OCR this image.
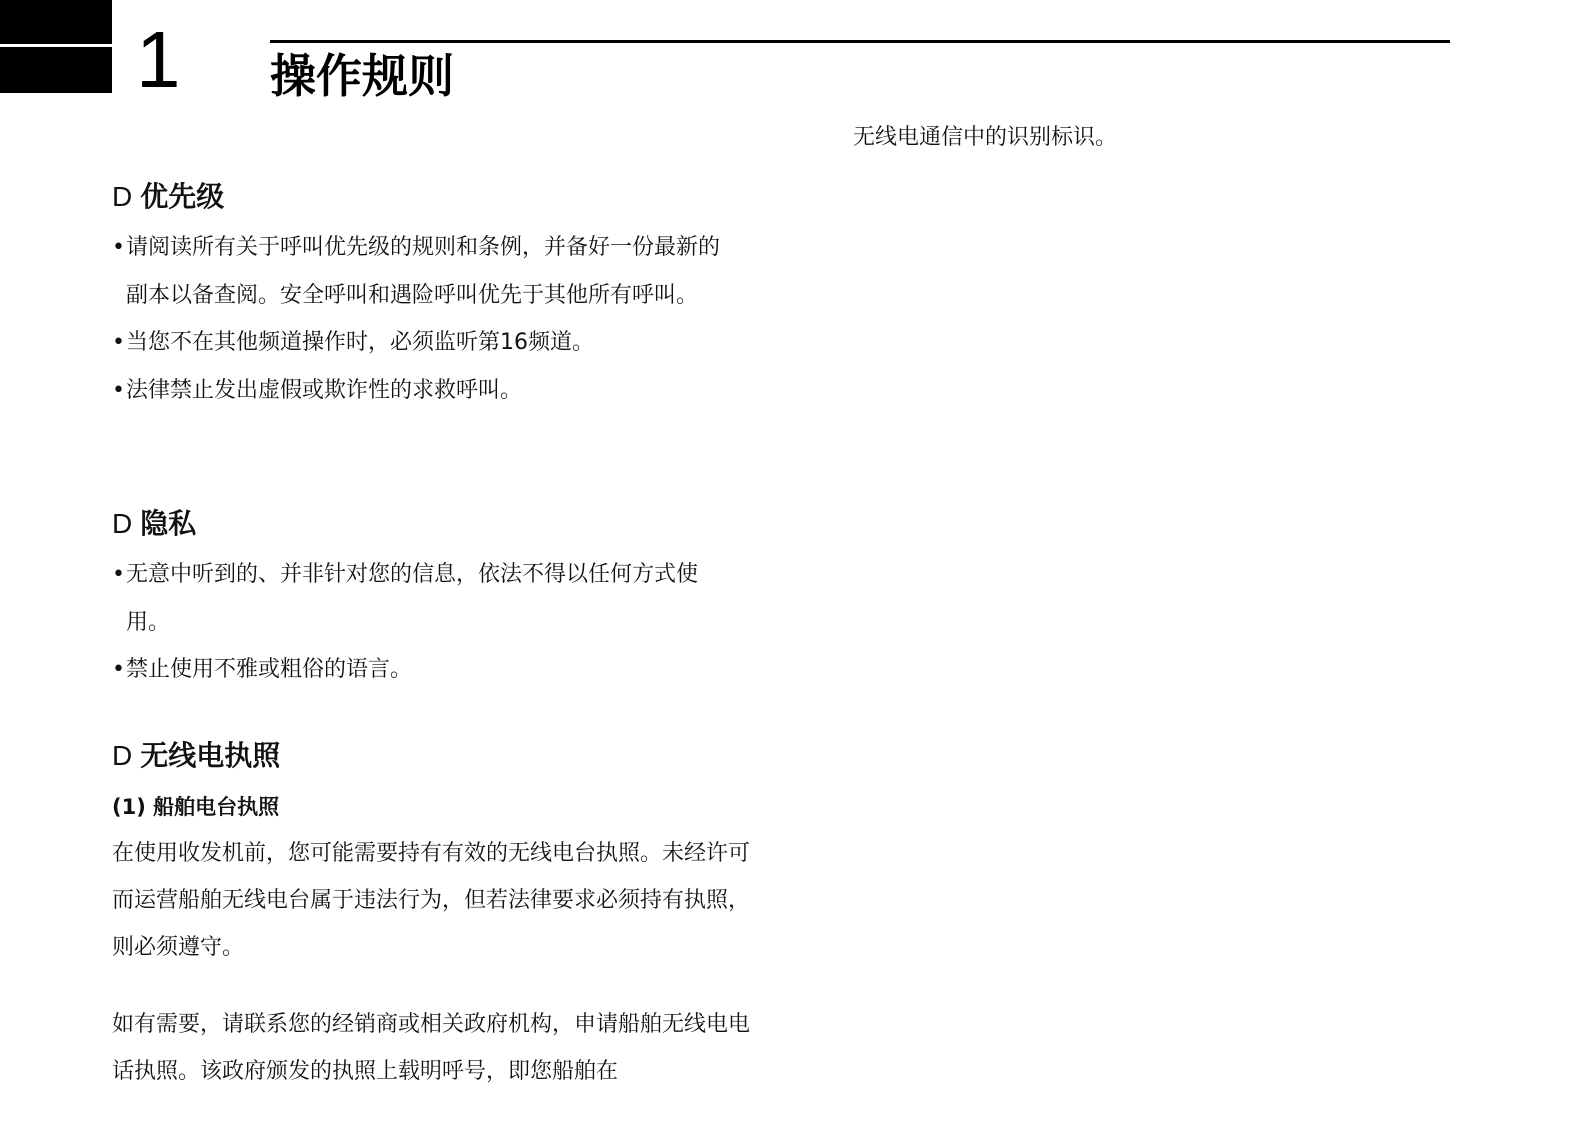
1 操作规则
D 优先级
• 请阅读所有关于呼叫优先级的规则和条例，并备好一份最新的副本以备查阅。安全呼叫和遇险呼叫优先于其他所有呼叫。
• 当您不在其他频道操作时，必须监听第16频道。
• 法律禁止发出虚假或欺诈性的求救呼叫。
D 隐私
• 无意中听到的、并非针对您的信息，依法不得以任何方式使用。
• 禁止使用不雅或粗俗的语言。
D 无线电执照
(1) 船舶电台执照

在使用收发机前，您可能需要持有有效的无线电台执照。未经许可而运营船舶无线电台属于违法行为，但若法律要求必须持有执照，则必须遵守。

如有需要，请联系您的经销商或相关政府机构，申请船舶无线电电话执照。该政府颁发的执照上载明呼号，即您船舶在

无线电通信中的识别标识。
